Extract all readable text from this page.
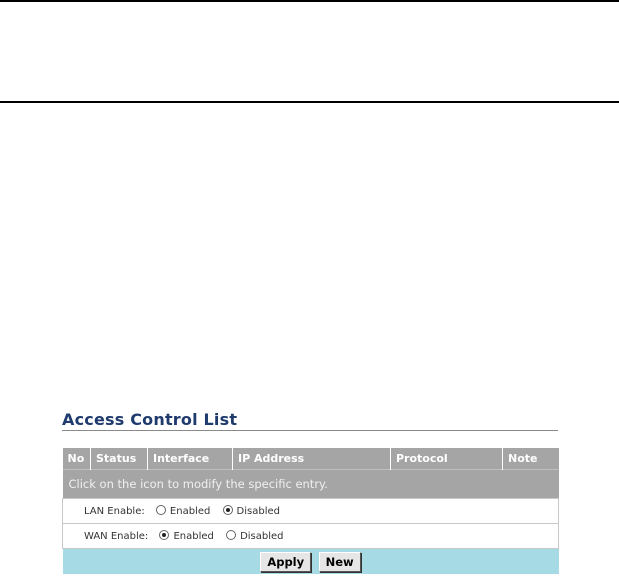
Access Control List
No	Status	Interface	IP Address	Protocol	Note
Click on the icon to modify the specific entry.
LAN Enable:	Enabled	Disabled
WAN Enable:	Enabled	Disabled
Apply New
